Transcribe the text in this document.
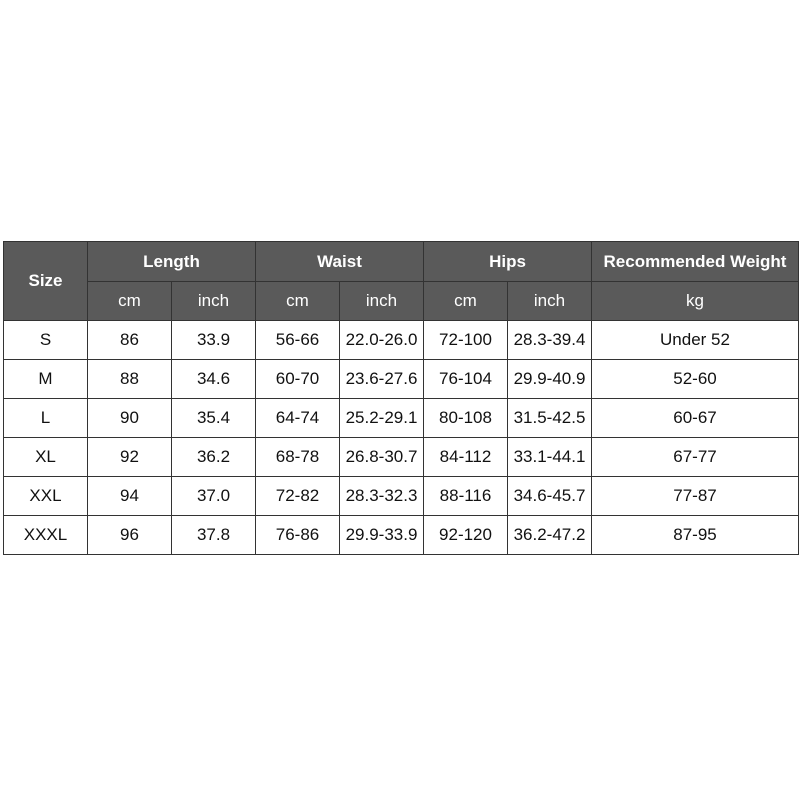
Size	Length		Waist		Hips		Recommended Weight
	cm	inch	cm	inch	cm	inch	kg
S	86	33.9	56-66	22.0-26.0	72-100	28.3-39.4	Under 52
M	88	34.6	60-70	23.6-27.6	76-104	29.9-40.9	52-60
L	90	35.4	64-74	25.2-29.1	80-108	31.5-42.5	60-67
XL	92	36.2	68-78	26.8-30.7	84-112	33.1-44.1	67-77
XXL	94	37.0	72-82	28.3-32.3	88-116	34.6-45.7	77-87
XXXL	96	37.8	76-86	29.9-33.9	92-120	36.2-47.2	87-95
